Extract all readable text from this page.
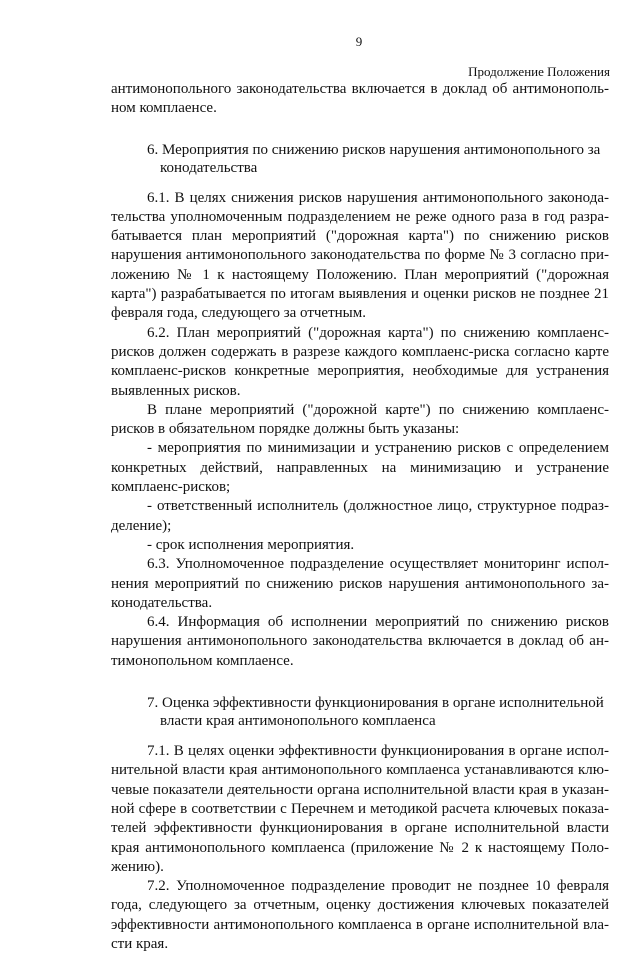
9
Продолжение Положения

антимонопольного законодательства включается в доклад об антимонопольном комплаенсе.

6. Мероприятия по снижению рисков нарушения антимонопольного за
конодательства

6.1. В целях снижения рисков нарушения антимонопольного законодательства уполномоченным подразделением не реже одного раза в год разрабатывается план мероприятий ("дорожная карта") по снижению рисков нарушения антимонопольного законодательства по форме № 3 согласно приложению № 1 к настоящему Положению. План мероприятий ("дорожная карта") разрабатывается по итогам выявления и оценки рисков не позднее 21 февраля года, следующего за отчетным.

6.2. План мероприятий ("дорожная карта") по снижению комплаенс-рисков должен содержать в разрезе каждого комплаенс-риска согласно карте комплаенс-рисков конкретные мероприятия, необходимые для устранения выявленных рисков.

В плане мероприятий ("дорожной карте") по снижению комплаенс-рисков в обязательном порядке должны быть указаны:

- мероприятия по минимизации и устранению рисков с определением конкретных действий, направленных на минимизацию и устранение комплаенс-рисков;

- ответственный исполнитель (должностное лицо, структурное подразделение);

- срок исполнения мероприятия.

6.3. Уполномоченное подразделение осуществляет мониторинг исполнения мероприятий по снижению рисков нарушения антимонопольного законодательства.

6.4. Информация об исполнении мероприятий по снижению рисков нарушения антимонопольного законодательства включается в доклад об антимонопольном комплаенсе.

7. Оценка эффективности функционирования в органе исполнительной
власти края антимонопольного комплаенса

7.1. В целях оценки эффективности функционирования в органе исполнительной власти края антимонопольного комплаенса устанавливаются ключевые показатели деятельности органа исполнительной власти края в указанной сфере в соответствии с Перечнем и методикой расчета ключевых показателей эффективности функционирования в органе исполнительной власти края антимонопольного комплаенса (приложение № 2 к настоящему Положению).

7.2. Уполномоченное подразделение проводит не позднее 10 февраля года, следующего за отчетным, оценку достижения ключевых показателей эффективности антимонопольного комплаенса в органе исполнительной власти края.
